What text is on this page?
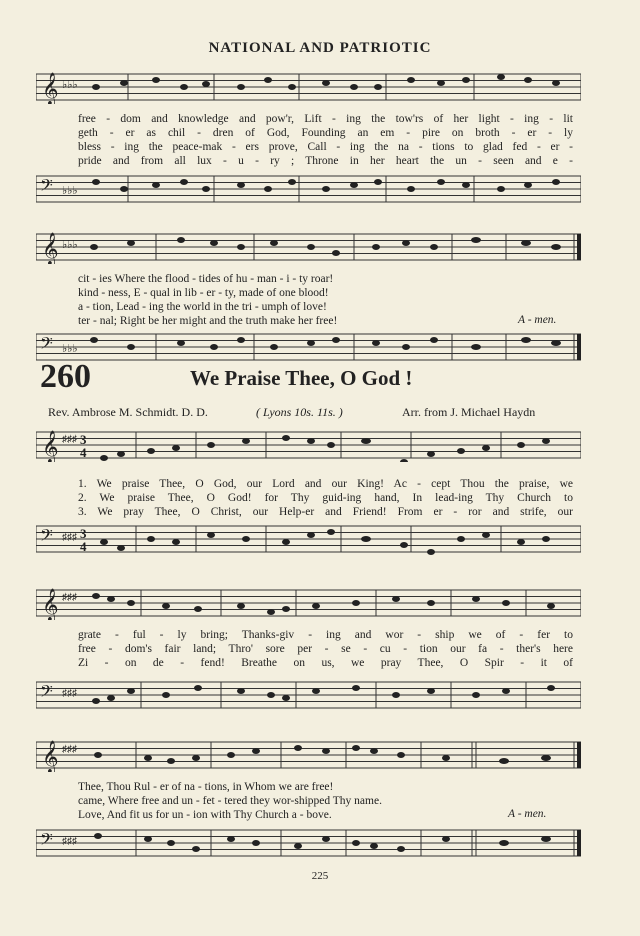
NATIONAL AND PATRIOTIC
𝄞 ♭♭♭
free - dom and knowledge and pow'r, Lift - ing the tow'rs of her light - ing - lit
geth - er as chil - dren of God, Founding an em - pire on broth - er - ly
bless - ing the peace-mak - ers prove, Call - ing the na - tions to glad fed - er -
pride and from all lux - u - ry ; Throne in her heart the un - seen and e -
𝄢 ♭♭♭
𝄞 ♭♭♭
cit - ies Where the flood - tides of hu - man - i - ty roar!
kind - ness, E - qual in lib - er - ty, made of one blood!
a - tion, Lead - ing the world in the tri - umph of love!
ter - nal; Right be her might and the truth make her free!	A - men.
𝄢 ♭♭♭
260	We Praise Thee, O God !
Rev. Ambrose M. Schmidt. D. D.	( Lyons 10s. 11s. )	Arr. from J. Michael Haydn
𝄞 ♯♯♯ 3
4
1. We praise Thee, O God, our Lord and our King! Ac - cept Thou the praise, we
2. We praise Thee, O God! for Thy guid-ing hand, In lead-ing Thy Church to
3. We pray Thee, O Christ, our Help-er and Friend! From er - ror and strife, our
𝄢 ♯♯♯ 3
4
𝄞 ♯♯♯
grate - ful - ly bring; Thanks-giv - ing and wor - ship we of - fer to
free - dom's fair land; Thro' sore per - se - cu - tion our fa - ther's here
Zi - on de - fend! Breathe on us, we pray Thee, O Spir - it of
𝄢 ♯♯♯
𝄞 ♯♯♯
Thee, Thou Rul - er of na - tions, in Whom we are free!
came, Where free and un - fet - tered they wor-shipped Thy name.
Love, And fit us for un - ion with Thy Church a - bove.	A - men.
𝄢 ♯♯♯
225
